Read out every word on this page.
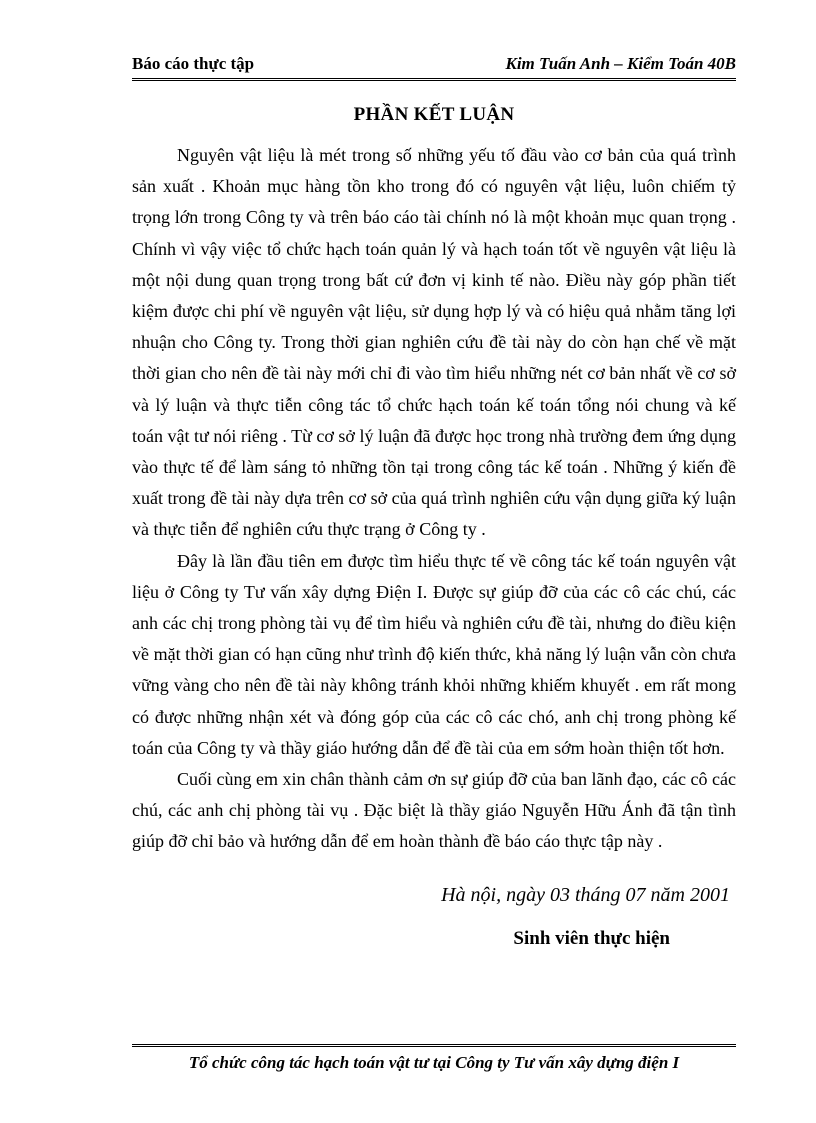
Báo cáo thực tập	Kim Tuấn Anh – Kiểm Toán 40B
PHẦN KẾT LUẬN

Nguyên vật liệu là mét trong số những yếu tố đầu vào cơ bản của quá trình sản xuất . Khoản mục hàng tồn kho trong đó có nguyên vật liệu, luôn chiếm tỷ trọng lớn trong Công ty và trên báo cáo tài chính nó là một khoản mục quan trọng . Chính vì vậy việc tổ chức hạch toán quản lý và hạch toán tốt về nguyên vật liệu là một nội dung quan trọng trong bất cứ đơn vị kinh tế nào. Điều này góp phần tiết kiệm được chi phí về nguyên vật liệu, sử dụng hợp lý và có hiệu quả nhằm tăng lợi nhuận cho Công ty. Trong thời gian nghiên cứu đề tài này do còn hạn chế về mặt thời gian cho nên đề tài này mới chỉ đi vào tìm hiểu những nét cơ bản nhất về cơ sở và lý luận và thực tiễn công tác tổ chức hạch toán kế toán tổng nói chung và kế toán vật tư nói riêng . Từ cơ sở lý luận đã được học trong nhà trường đem ứng dụng vào thực tế để làm sáng tỏ những tồn tại trong công tác kế toán . Những ý kiến đề xuất trong đề tài này dựa trên cơ sở của quá trình nghiên cứu vận dụng giữa ký luận và thực tiễn để nghiên cứu thực trạng ở Công ty .

Đây là lần đầu tiên em được tìm hiểu thực tế về công tác kế toán nguyên vật liệu ở Công ty Tư vấn xây dựng Điện I. Được sự giúp đỡ của các cô các chú, các anh các chị trong phòng tài vụ để tìm hiểu và nghiên cứu đề tài, nhưng do điều kiện về mặt thời gian có hạn cũng như trình độ kiến thức, khả năng lý luận vẫn còn chưa vững vàng cho nên đề tài này không tránh khỏi những khiếm khuyết . em rất mong có được những nhận xét và đóng góp của các cô các chó, anh chị trong phòng kế toán của Công ty và thầy giáo hướng dẫn để đề tài của em sớm hoàn thiện tốt hơn.

Cuối cùng em xin chân thành cảm ơn sự giúp đỡ của ban lãnh đạo, các cô các chú, các anh chị phòng tài vụ . Đặc biệt là thầy giáo Nguyễn Hữu Ánh đã tận tình giúp đỡ chỉ bảo và hướng dẫn để em hoàn thành đề báo cáo thực tập này .

Hà nội, ngày 03 tháng 07 năm 2001
Sinh viên thực hiện
Tổ chức công tác hạch toán vật tư tại Công ty Tư vấn xây dựng điện I
